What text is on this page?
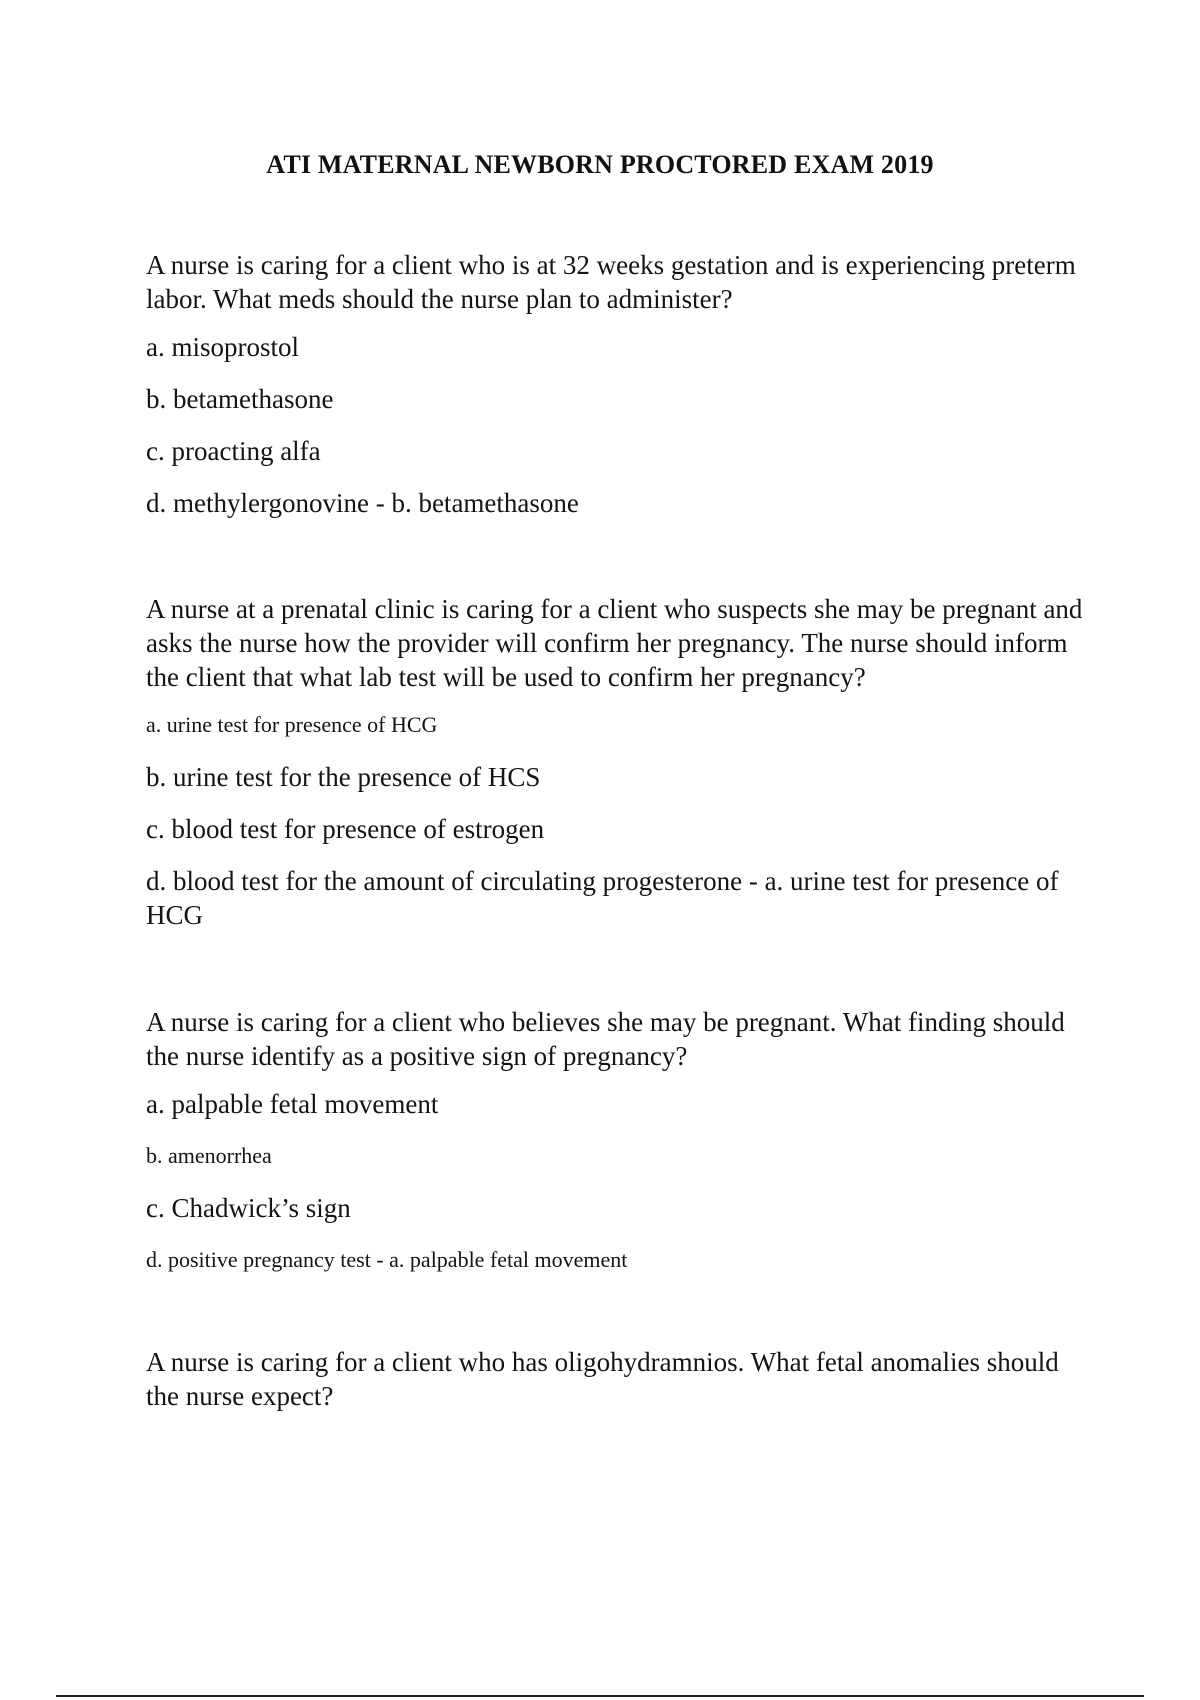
ATI MATERNAL NEWBORN PROCTORED EXAM 2019

A nurse is caring for a client who is at 32 weeks gestation and is experiencing preterm labor. What meds should the nurse plan to administer?

a. misoprostol
b. betamethasone
c. proacting alfa
d. methylergonovine - b. betamethasone

A nurse at a prenatal clinic is caring for a client who suspects she may be pregnant and asks the nurse how the provider will confirm her pregnancy. The nurse should inform the client that what lab test will be used to confirm her pregnancy?

a. urine test for presence of HCG
b. urine test for the presence of HCS
c. blood test for presence of estrogen
d. blood test for the amount of circulating progesterone - a. urine test for presence of HCG

A nurse is caring for a client who believes she may be pregnant. What finding should the nurse identify as a positive sign of pregnancy?

a. palpable fetal movement
b. amenorrhea
c. Chadwick’s sign
d. positive pregnancy test - a. palpable fetal movement

A nurse is caring for a client who has oligohydramnios. What fetal anomalies should the nurse expect?
